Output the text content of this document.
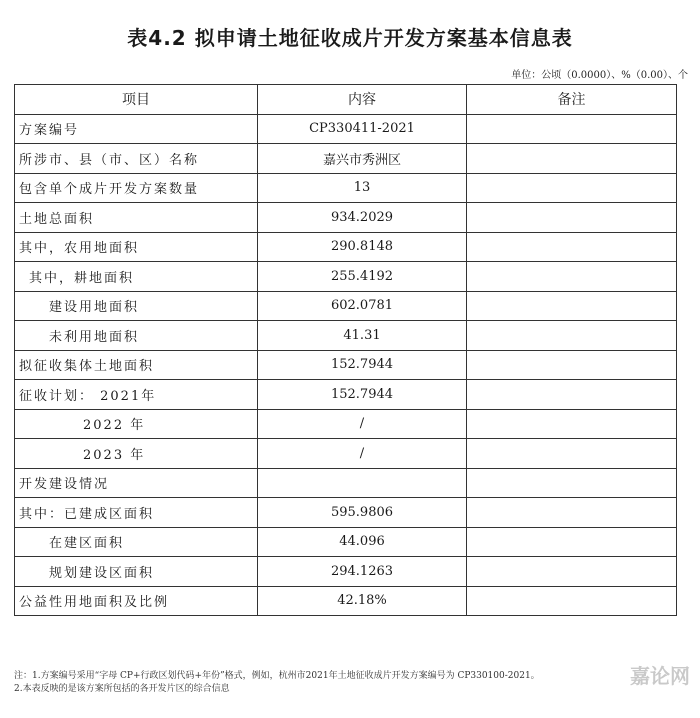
表4.2 拟申请土地征收成片开发方案基本信息表
单位：公顷（0.0000）、%（0.00）、个
项目	内容	备注
方案编号	CP330411-2021	
所涉市、县（市、区）名称	嘉兴市秀洲区	
包含单个成片开发方案数量	13	
土地总面积	934.2029	
其中，农用地面积	290.8148	
其中，耕地面积	255.4192	
建设用地面积	602.0781	
未利用地面积	41.31	
拟征收集体土地面积	152.7944	
征收计划： 2021年	152.7944	
2022 年	/	
2023 年	/	
开发建设情况		
其中：已建成区面积	595.9806	
在建区面积	44.096	
规划建设区面积	294.1263	
公益性用地面积及比例	42.18%	
注：1.方案编号采用“字母 CP+行政区划代码+年份”格式，例如，杭州市2021年土地征收成片开发方案编号为 CP330100-2021。
2.本表反映的是该方案所包括的各开发片区的综合信息
嘉论网
